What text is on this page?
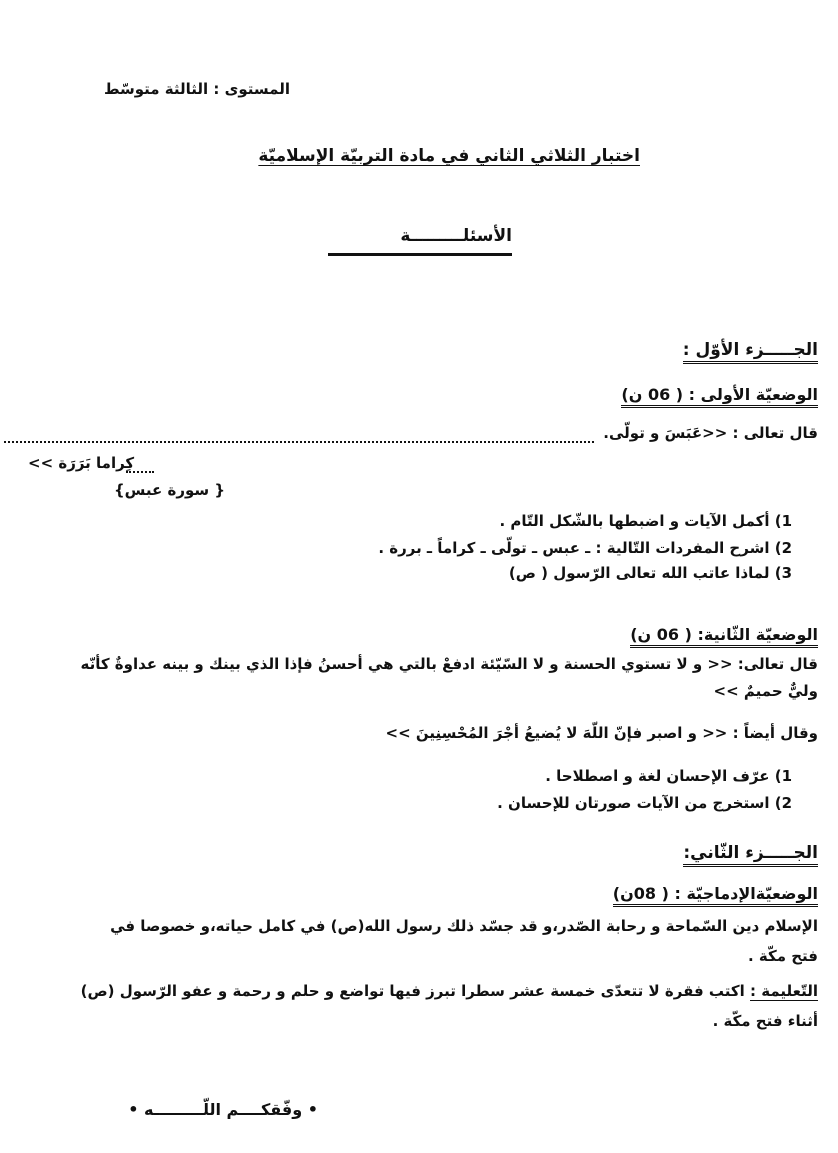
المستوى : الثالثة متوسّط
اختبار الثلاثي الثاني في مادة التربيّة الإسلاميّة
الأسئلـــــــــة
الجـــــزء الأوّل :
الوضعيّة الأولى : ( 06 ن)
قال تعالى : <<عَبَسَ و تولّى.
كِراما بَرَرَة >>
{ سورة عبس}
1) أكمل الآيات و اضبطها بالشّكل التّام .
2) اشرح المفردات التّالية : ـ عبس ـ تولّى ـ كراماً ـ بررة .
3) لماذا عاتب الله تعالى الرّسول ( ص)
الوضعيّة الثّانية: ( 06 ن)
قال تعالى: << و لا تستوي الحسنة و لا السّيّئة ادفعْ بالتي هي أحسنُ فإذا الذي بينك و بينه عداوةٌ كأنّه
وليٌّ حميمٌ >>
وقال أيضاً : << و اصبر فإنّ اللّهَ لا يُضيعُ أجْرَ المُحْسِنِينَ >>
1) عرّف الإحسان لغة و اصطلاحا .
2) استخرج من الآيات صورتان للإحسان .
الجـــــزء الثّاني:
الوضعيّةالإدماجيّة : ( 08ن)
الإسلام دين السّماحة و رحابة الصّدر،و قد جسّد ذلك رسول الله(ص) في كامل حياته،و خصوصا في
فتح مكّة .
التّعليمة : اكتب فقرة لا تتعدّى خمسة عشر سطرا تبرز فيها تواضع و حلم و رحمة و عفو الرّسول (ص)
أثناء فتح مكّة .
• وفّقكــــم اللّـــــــــه •
